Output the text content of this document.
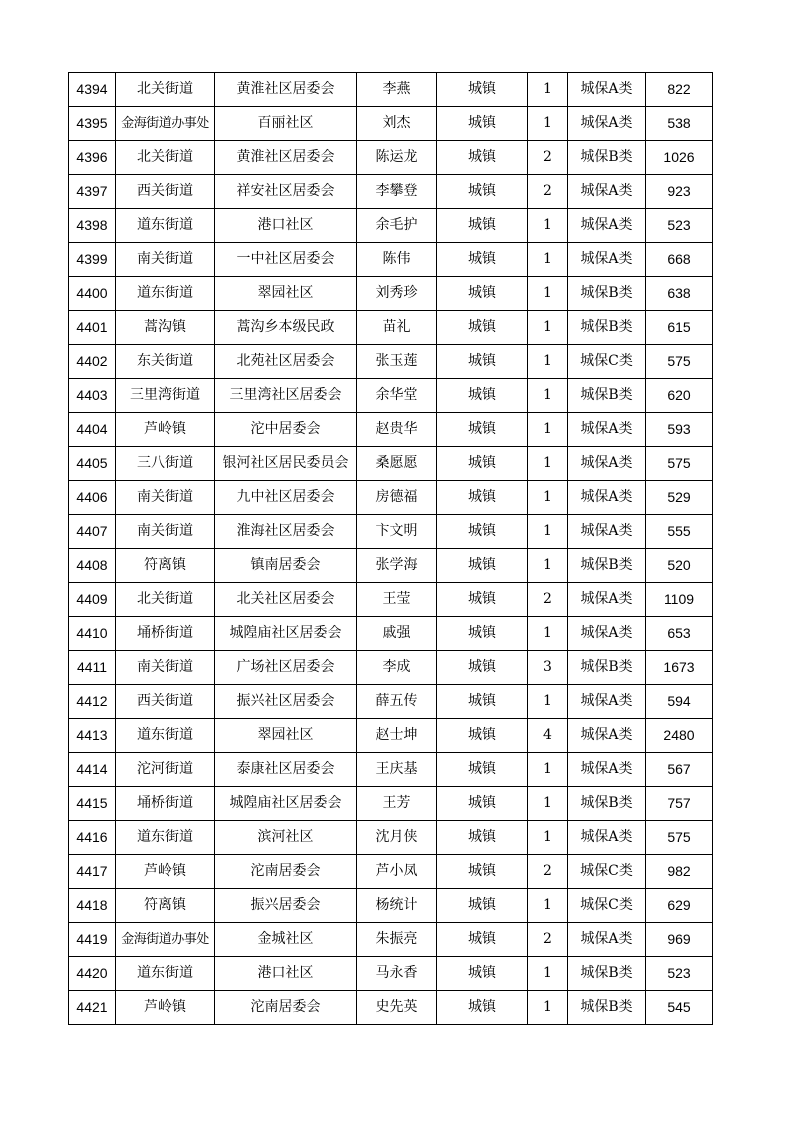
4394	北关街道	黄淮社区居委会	李燕	城镇	1	城保A类	822
4395	金海街道办事处	百丽社区	刘杰	城镇	1	城保A类	538
4396	北关街道	黄淮社区居委会	陈运龙	城镇	2	城保B类	1026
4397	西关街道	祥安社区居委会	李攀登	城镇	2	城保A类	923
4398	道东街道	港口社区	余毛护	城镇	1	城保A类	523
4399	南关街道	一中社区居委会	陈伟	城镇	1	城保A类	668
4400	道东街道	翠园社区	刘秀珍	城镇	1	城保B类	638
4401	蒿沟镇	蒿沟乡本级民政	苗礼	城镇	1	城保B类	615
4402	东关街道	北苑社区居委会	张玉莲	城镇	1	城保C类	575
4403	三里湾街道	三里湾社区居委会	余华堂	城镇	1	城保B类	620
4404	芦岭镇	沱中居委会	赵贵华	城镇	1	城保A类	593
4405	三八街道	银河社区居民委员会	桑愿愿	城镇	1	城保A类	575
4406	南关街道	九中社区居委会	房德福	城镇	1	城保A类	529
4407	南关街道	淮海社区居委会	卞文明	城镇	1	城保A类	555
4408	符离镇	镇南居委会	张学海	城镇	1	城保B类	520
4409	北关街道	北关社区居委会	王莹	城镇	2	城保A类	1109
4410	埇桥街道	城隍庙社区居委会	戚强	城镇	1	城保A类	653
4411	南关街道	广场社区居委会	李成	城镇	3	城保B类	1673
4412	西关街道	振兴社区居委会	薛五传	城镇	1	城保A类	594
4413	道东街道	翠园社区	赵士坤	城镇	4	城保A类	2480
4414	沱河街道	泰康社区居委会	王庆基	城镇	1	城保A类	567
4415	埇桥街道	城隍庙社区居委会	王芳	城镇	1	城保B类	757
4416	道东街道	滨河社区	沈月侠	城镇	1	城保A类	575
4417	芦岭镇	沱南居委会	芦小凤	城镇	2	城保C类	982
4418	符离镇	振兴居委会	杨统计	城镇	1	城保C类	629
4419	金海街道办事处	金城社区	朱振亮	城镇	2	城保A类	969
4420	道东街道	港口社区	马永香	城镇	1	城保B类	523
4421	芦岭镇	沱南居委会	史先英	城镇	1	城保B类	545
